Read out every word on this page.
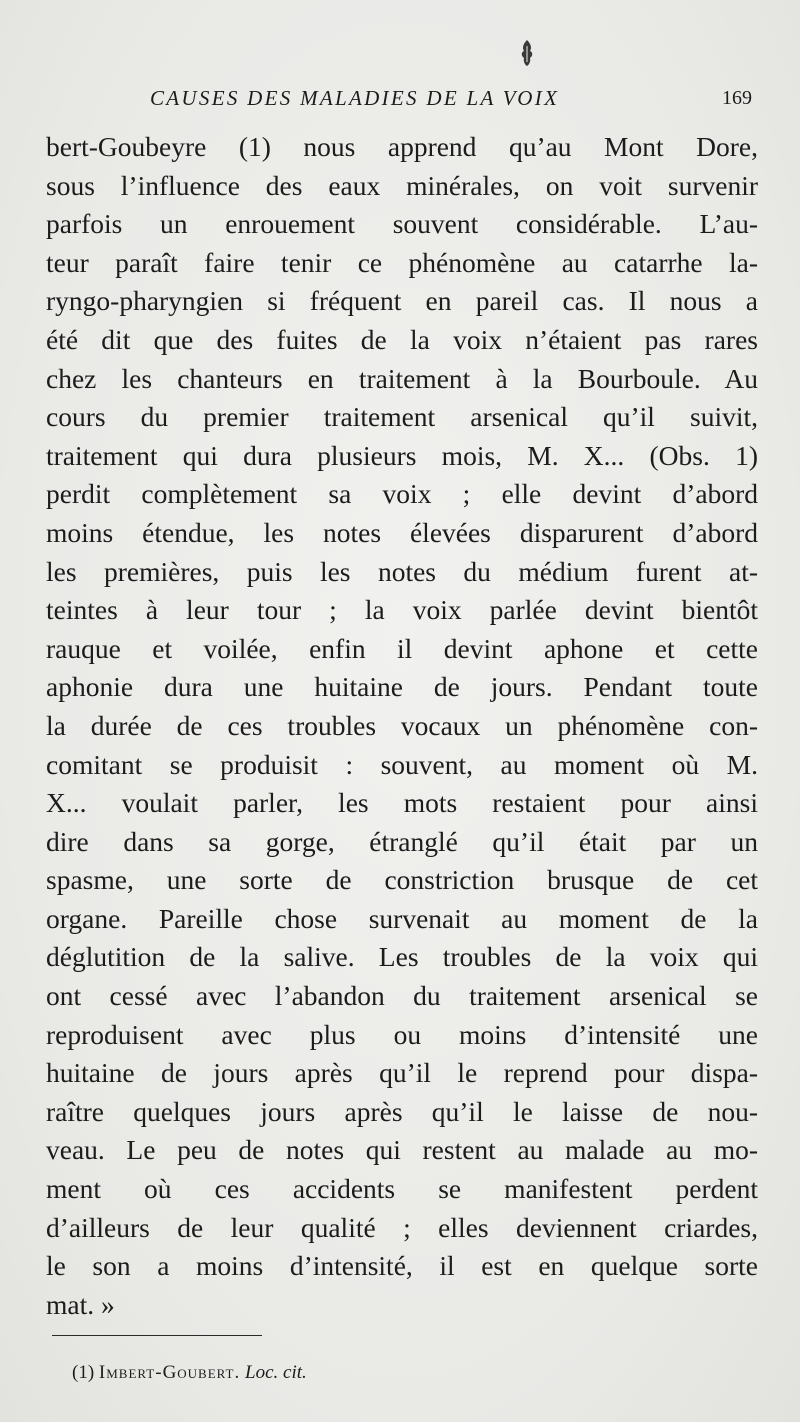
CAUSES DES MALADIES DE LA VOIX	169
bert-Goubeyre (1) nous apprend qu’au Mont Dore,
sous l’influence des eaux minérales, on voit survenir
parfois un enrouement souvent considérable. L’au-
teur paraît faire tenir ce phénomène au catarrhe la-
ryngo-pharyngien si fréquent en pareil cas. Il nous a
été dit que des fuites de la voix n’étaient pas rares
chez les chanteurs en traitement à la Bourboule. Au
cours du premier traitement arsenical qu’il suivit,
traitement qui dura plusieurs mois, M. X... (Obs. 1)
perdit complètement sa voix ; elle devint d’abord
moins étendue, les notes élevées disparurent d’abord
les premières, puis les notes du médium furent at-
teintes à leur tour ; la voix parlée devint bientôt
rauque et voilée, enfin il devint aphone et cette
aphonie dura une huitaine de jours. Pendant toute
la durée de ces troubles vocaux un phénomène con-
comitant se produisit : souvent, au moment où M.
X... voulait parler, les mots restaient pour ainsi
dire dans sa gorge, étranglé qu’il était par un
spasme, une sorte de constriction brusque de cet
organe. Pareille chose survenait au moment de la
déglutition de la salive. Les troubles de la voix qui
ont cessé avec l’abandon du traitement arsenical se
reproduisent avec plus ou moins d’intensité une
huitaine de jours après qu’il le reprend pour dispa-
raître quelques jours après qu’il le laisse de nou-
veau. Le peu de notes qui restent au malade au mo-
ment où ces accidents se manifestent perdent
d’ailleurs de leur qualité ; elles deviennent criardes,
le son a moins d’intensité, il est en quelque sorte
mat. »
(1) Imbert-Goubert. Loc. cit.
